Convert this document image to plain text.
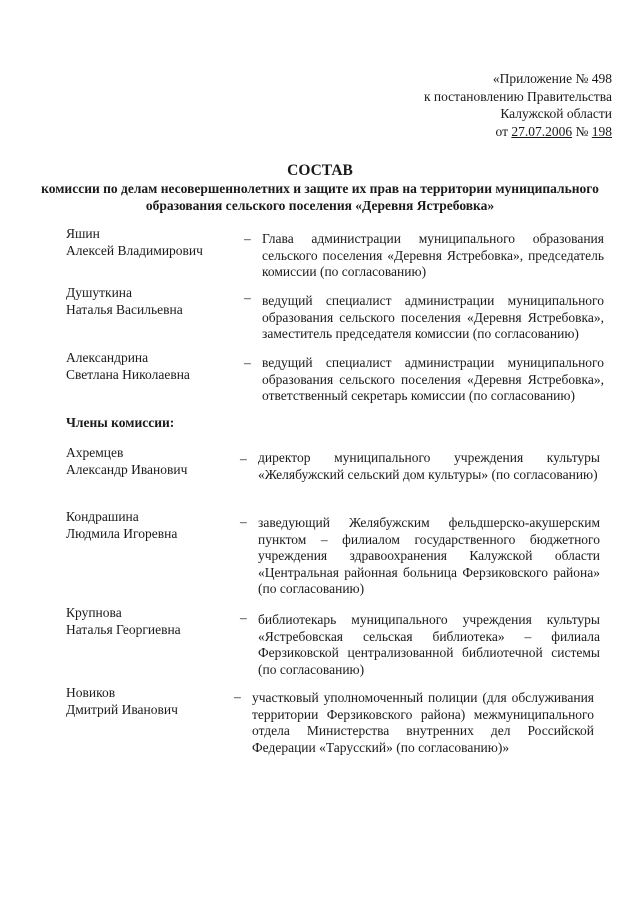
«Приложение № 498
к постановлению Правительства
Калужской области
от 27.07.2006 № 198
СОСТАВ
комиссии по делам несовершеннолетних и защите их прав на территории муниципального образования сельского поселения «Деревня Ястребовка»
Яшин
Алексей Владимирович
– Глава администрации муниципального образования сельского поселения «Деревня Ястребовка», председатель комиссии (по согласованию)
Душуткина
Наталья Васильевна
– ведущий специалист администрации муниципального образования сельского поселения «Деревня Ястребовка», заместитель председателя комиссии (по согласованию)
Александрина
Светлана Николаевна
– ведущий специалист администрации муниципального образования сельского поселения «Деревня Ястребовка», ответственный секретарь комиссии (по согласованию)
Члены комиссии:
Ахремцев
Александр Иванович
– директор муниципального учреждения культуры «Желябужский сельский дом культуры» (по согласованию)
Кондрашина
Людмила Игоревна
– заведующий Желябужским фельдшерско-акушерским пунктом – филиалом государственного бюджетного учреждения здравоохранения Калужской области «Центральная районная больница Ферзиковского района» (по согласованию)
Крупнова
Наталья Георгиевна
– библиотекарь муниципального учреждения культуры «Ястребовская сельская библиотека» – филиала Ферзиковской централизованной библиотечной системы (по согласованию)
Новиков
Дмитрий Иванович
– участковый уполномоченный полиции (для обслуживания территории Ферзиковского района) межмуниципального отдела Министерства внутренних дел Российской Федерации «Тарусский» (по согласованию)»
